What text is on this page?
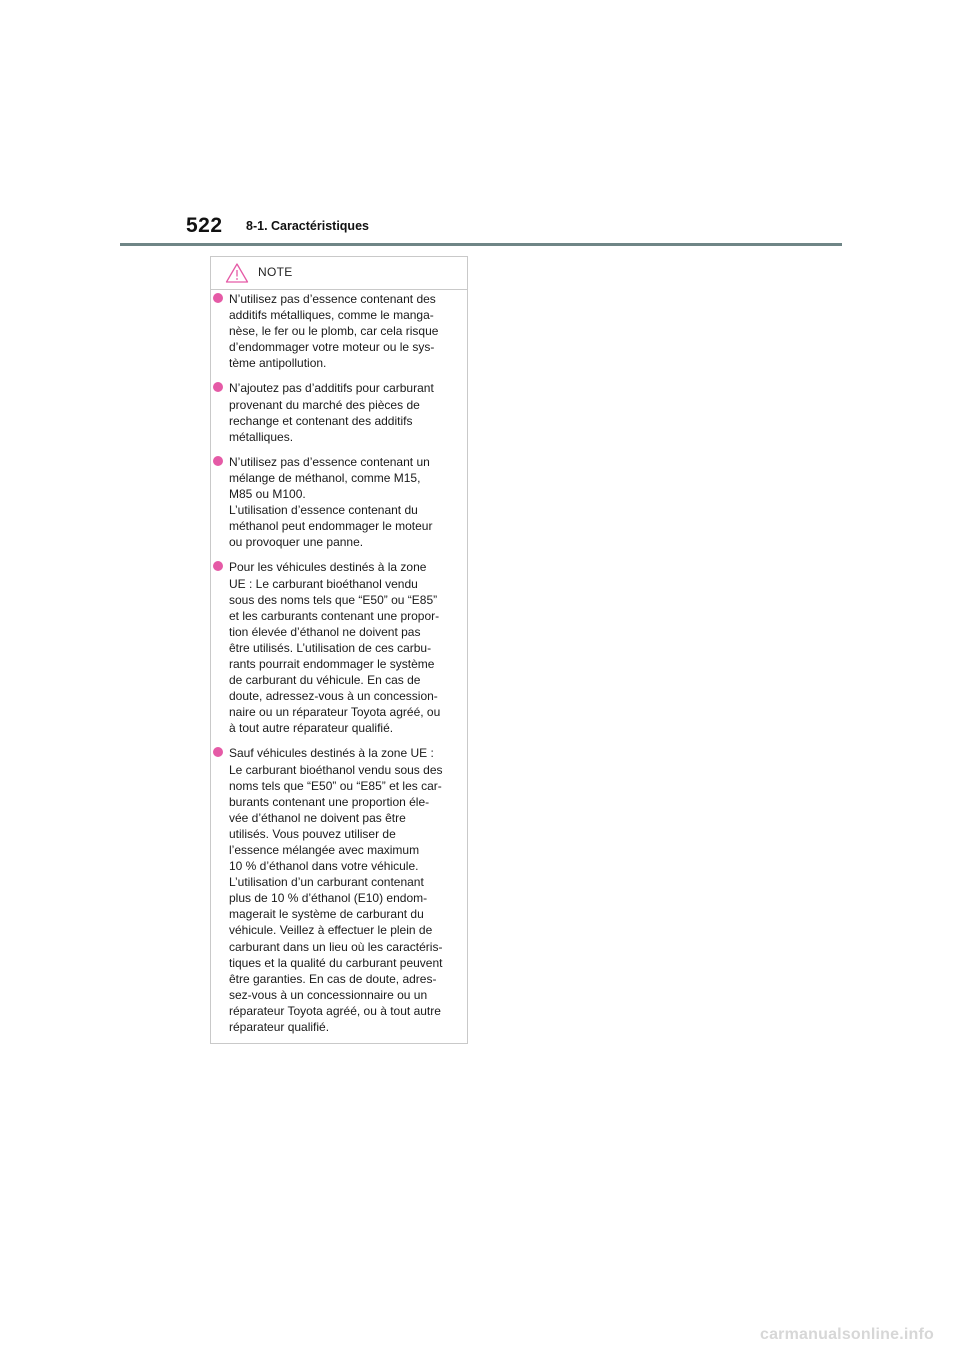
522 8-1. Caractéristiques
NOTE
N’utilisez pas d’essence contenant des
additifs métalliques, comme le manga-
nèse, le fer ou le plomb, car cela risque
d’endommager votre moteur ou le sys-
tème antipollution.
N’ajoutez pas d’additifs pour carburant
provenant du marché des pièces de
rechange et contenant des additifs
métalliques.
N’utilisez pas d’essence contenant un
mélange de méthanol, comme M15,
M85 ou M100.
L’utilisation d’essence contenant du
méthanol peut endommager le moteur
ou provoquer une panne.
Pour les véhicules destinés à la zone
UE : Le carburant bioéthanol vendu
sous des noms tels que “E50” ou “E85”
et les carburants contenant une propor-
tion élevée d’éthanol ne doivent pas
être utilisés. L’utilisation de ces carbu-
rants pourrait endommager le système
de carburant du véhicule. En cas de
doute, adressez-vous à un concession-
naire ou un réparateur Toyota agréé, ou
à tout autre réparateur qualifié.
Sauf véhicules destinés à la zone UE :
Le carburant bioéthanol vendu sous des
noms tels que “E50” ou “E85” et les car-
burants contenant une proportion éle-
vée d’éthanol ne doivent pas être
utilisés. Vous pouvez utiliser de
l’essence mélangée avec maximum
10 % d’éthanol dans votre véhicule.
L’utilisation d’un carburant contenant
plus de 10 % d’éthanol (E10) endom-
magerait le système de carburant du
véhicule. Veillez à effectuer le plein de
carburant dans un lieu où les caractéris-
tiques et la qualité du carburant peuvent
être garanties. En cas de doute, adres-
sez-vous à un concessionnaire ou un
réparateur Toyota agréé, ou à tout autre
réparateur qualifié.
carmanualsonline.info
